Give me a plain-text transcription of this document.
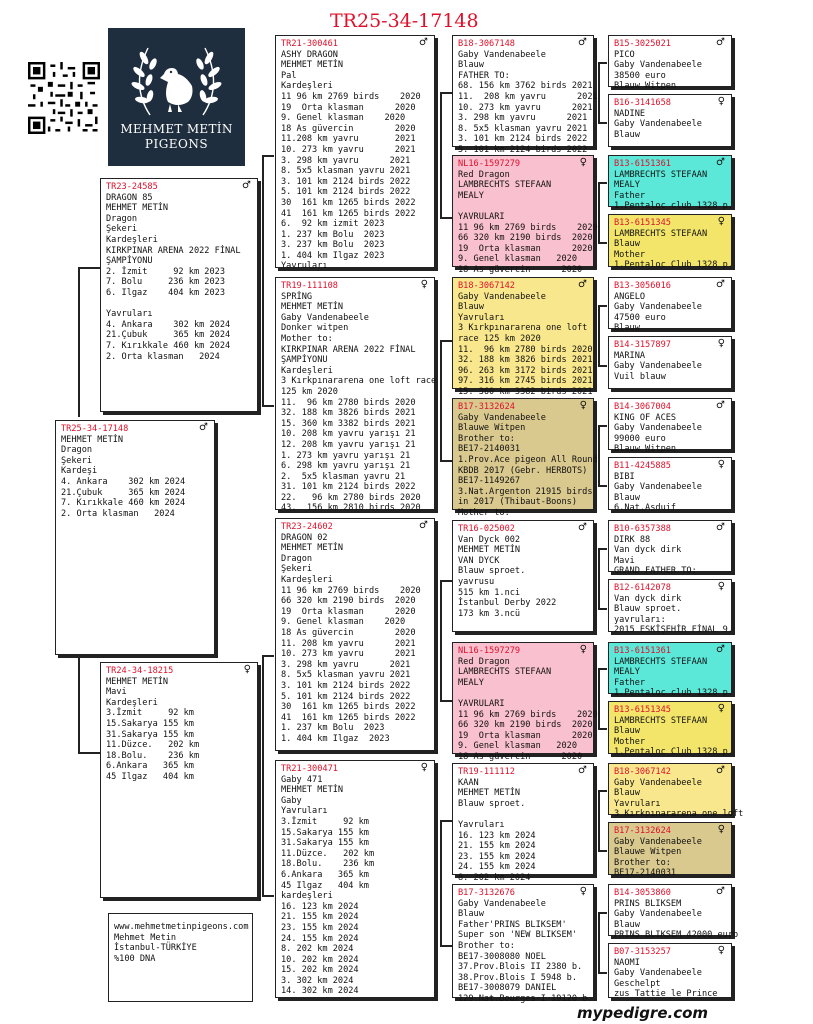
TR25-34-17148
MEHMET METİN
PIGEONS
TR25-34-17148	♂
MEHMET METİN
Dragon
Şekeri
Kardeşi
4. Ankara    302 km 2024
21.Çubuk     365 km 2024
7. Kırıkkale 460 km 2024
2. Orta klasman   2024
TR23-24585	♂
DRAGON 85
MEHMET METİN
Dragon
Şekeri
Kardeşleri
KIRKPINAR ARENA 2022 FİNAL
ŞAMPİYONU
2. İzmit     92 km 2023
7. Bolu     236 km 2023
6. Ilgaz    404 km 2023

Yavruları
4. Ankara    302 km 2024
21.Çubuk     365 km 2024
7. Kırıkkale 460 km 2024
2. Orta klasman   2024
TR24-34-18215	♀
MEHMET METİN
Mavi
Kardeşleri
3.İzmit     92 km
15.Sakarya 155 km
31.Sakarya 155 km
11.Düzce.   202 km
18.Bolu.    236 km
6.Ankara   365 km
45 Ilgaz   404 km
TR21-300461	♂
ASHY DRAGON
MEHMET METİN
Pal
Kardeşleri
11 96 km 2769 birds    2020
19  Orta klasman      2020
9. Genel klasman    2020
18 As güvercin        2020
11.208 km yavru       2021
10. 273 km yavru      2021
3. 298 km yavru      2021
8. 5x5 klasman yavru 2021
3. 101 km 2124 birds 2022
5. 101 km 2124 birds 2022
30  161 km 1265 birds 2022
41  161 km 1265 birds 2022
6.  92 km izmit 2023
1. 237 km Bolu  2023
3. 237 km Bolu  2023
1. 404 km Ilgaz 2023
Yavruları
TR19-111108	♀
SPRİNG
MEHMET METİN
Gaby Vandenabeele
Donker witpen
Mother to:
KIRKPINAR ARENA 2022 FİNAL
ŞAMPİYONU
Kardeşleri
3 Kırkpınararena one loft race
125 km 2020
11.  96 km 2780 birds 2020
32. 188 km 3826 birds 2021
15. 360 km 3382 birds 2021
10. 208 km yavru yarışı 21
12. 208 km yavru yarışı 21
1. 273 km yavru yarışı 21
6. 298 km yavru yarışı 21
2.  5x5 klasman yavru 21
31. 101 km 2124 birds 2022
22.   96 km 2780 birds 2020
43.  156 km 2810 birds 2020
TR23-24602	♂
DRAGON 02
MEHMET METİN
Dragon
Şekeri
Kardeşleri
11 96 km 2769 birds    2020
66 320 km 2190 birds  2020
19  Orta klasman      2020
9. Genel klasman    2020
18 As güvercin        2020
11. 208 km yavru      2021
10. 273 km yavru      2021
3. 298 km yavru      2021
8. 5x5 klasman yavru 2021
3. 101 km 2124 birds 2022
5. 101 km 2124 birds 2022
30  161 km 1265 birds 2022
41  161 km 1265 birds 2022
1. 237 km Bolu  2023
1. 404 km Ilgaz  2023
TR21-300471	♀
Gaby 471
MEHMET METİN
Gaby
Yavruları
3.İzmit     92 km
15.Sakarya 155 km
31.Sakarya 155 km
11.Düzce.   202 km
18.Bolu.    236 km
6.Ankara   365 km
45 Ilgaz   404 km
kardeşleri
16. 123 km 2024
21. 155 km 2024
23. 155 km 2024
24. 155 km 2024
8. 202 km 2024
10. 202 km 2024
15. 202 km 2024
3. 302 km 2024
14. 302 km 2024
B18-3067148	♂
Gaby Vandenabeele
Blauw
FATHER TO:
68. 156 km 3762 birds 2021
11.  208 km yavru      2021
10. 273 km yavru      2021
3. 298 km yavru      2021
8. 5x5 klasman yavru 2021
3. 101 km 2124 birds 2022
5. 101 km 2124 birds 2022
NL16-1597279	♀
Red Dragon
LAMBRECHTS STEFAAN
MEALY

YAVRULARI
11 96 km 2769 birds    2020
66 320 km 2190 birds  2020
19  Orta klasman      2020
9. Genel klasman   2020
18 As güvercin      2020
B18-3067142	♂
Gaby Vandenabeele
Blauw
Yavruları
3 Kırkpınararena one loft
race 125 km 2020
11.  96 km 2780 birds 2020
32. 188 km 3826 birds 2021
96. 263 km 3172 birds 2021
97. 316 km 2745 birds 2021
15. 360 km 3382 birds 2021
B17-3132624	♀
Gaby Vandenabeele
Blauwe Witpen
Brother to:
BE17-2140031
1.Prov.Ace pigeon All Round
KBDB 2017 (Gebr. HERBOTS)
BE17-1149267
3.Nat.Argenton 21915 birds
in 2017 (Thibaut-Boons)
Mother to:
TR16-025002	♂
Van Dyck 002
MEHMET METİN
VAN DYCK
Blauw sproet.
yavrusu
515 km 1.nci
İstanbul Derby 2022
173 km 3.ncü
NL16-1597279	♀
Red Dragon
LAMBRECHTS STEFAAN
MEALY

YAVRULARI
11 96 km 2769 birds    2020
66 320 km 2190 birds  2020
19  Orta klasman      2020
9. Genel klasman   2020
18 As güvercin      2020
TR19-111112	♂
KAAN
MEHMET METİN
Blauw sproet.

Yavruları
16. 123 km 2024
21. 155 km 2024
23. 155 km 2024
24. 155 km 2024
8. 202 km 2024
B17-3132676	♀
Gaby Vandenabeele
Blauw
Father'PRINS BLIKSEM'
Super son 'NEW BLIKSEM'
Brother to:
BE17-3008080 NOEL
37.Prov.Blois II 2380 b.
38.Prov.Blois I 5948 b.
BE17-3008079 DANIEL
129.Nat.Bourges I 19120 b.
B15-3025021	♂
PICO
Gaby Vandenabeele
38500 euro
Blauw Witpen
B16-3141658	♀
NADINE
Gaby Vandenabeele
Blauw
B13-6151361	♂
LAMBRECHTS STEFAAN
MEALY
Father
1.Pentaloc club 1328 p.
B13-6151345	♀
LAMBRECHTS STEFAAN
Blauw
Mother
1.Pentaloc Club 1328 p.
B13-3056016	♂
ANGELO
Gaby Vandenabeele
47500 euro
Blauw
B14-3157897	♀
MARINA
Gaby Vandenabeele
Vuil blauw
B14-3067004	♂
KING OF ACES
Gaby Vandenabeele
99000 euro
Blauw Witpen
B11-4245885	♀
BIBI
Gaby Vandenabeele
Blauw
6.Nat.Asduif
B10-6357388	♂
DIRK 88
Van dyck dirk
Mavi
GRAND FATHER TO:
B12-6142078	♀
Van dyck dirk
Blauw sproet.
yavruları:
2015 ESKİŞEHİR FİNAL 9.
B13-6151361	♂
LAMBRECHTS STEFAAN
MEALY
Father
1.Pentaloc club 1328 p.
B13-6151345	♀
LAMBRECHTS STEFAAN
Blauw
Mother
1.Pentaloc Club 1328 p.
B18-3067142	♂
Gaby Vandenabeele
Blauw
Yavruları
3 Kırkpınararena one loft
B17-3132624	♀
Gaby Vandenabeele
Blauwe Witpen
Brother to:
BE17-2140031
B14-3053860	♂
PRINS BLIKSEM
Gaby Vandenabeele
Blauw
PRINS BLIKSEM 42000 euro
B07-3153257	♀
NAOMI
Gaby Vandenabeele
Geschelpt
zus Tattie le Prince
www.mehmetmetinpigeons.com
Mehmet Metin
İstanbul-TÜRKİYE
%100 DNA
mypedigre.com
